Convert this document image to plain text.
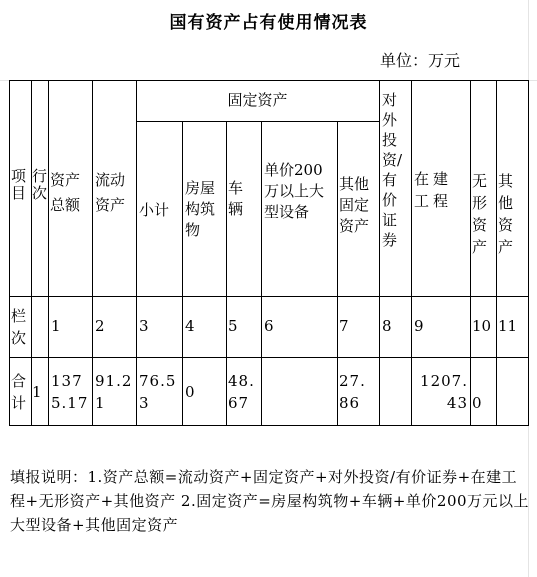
国有资产占有使用情况表
单位：万元
项目
行次
资产总额
流动资产
固定资产
小计
房屋构筑物
车辆
单价200万以上大型设备
其他固定资产
对外投资/有价证券
在建工程
无形资产
其他资产
栏次
1 2 3 4 5 6	7 8 9	10 11
合计
1
1375.17
91.21
76.53
0
48.67
27.86
1207.43 0
填报说明：1.资产总额=流动资产+固定资产+对外投资/有价证券+在建工程+无形资产+其他资产 2.固定资产=房屋构筑物+车辆+单价200万元以上大型设备+其他固定资产
